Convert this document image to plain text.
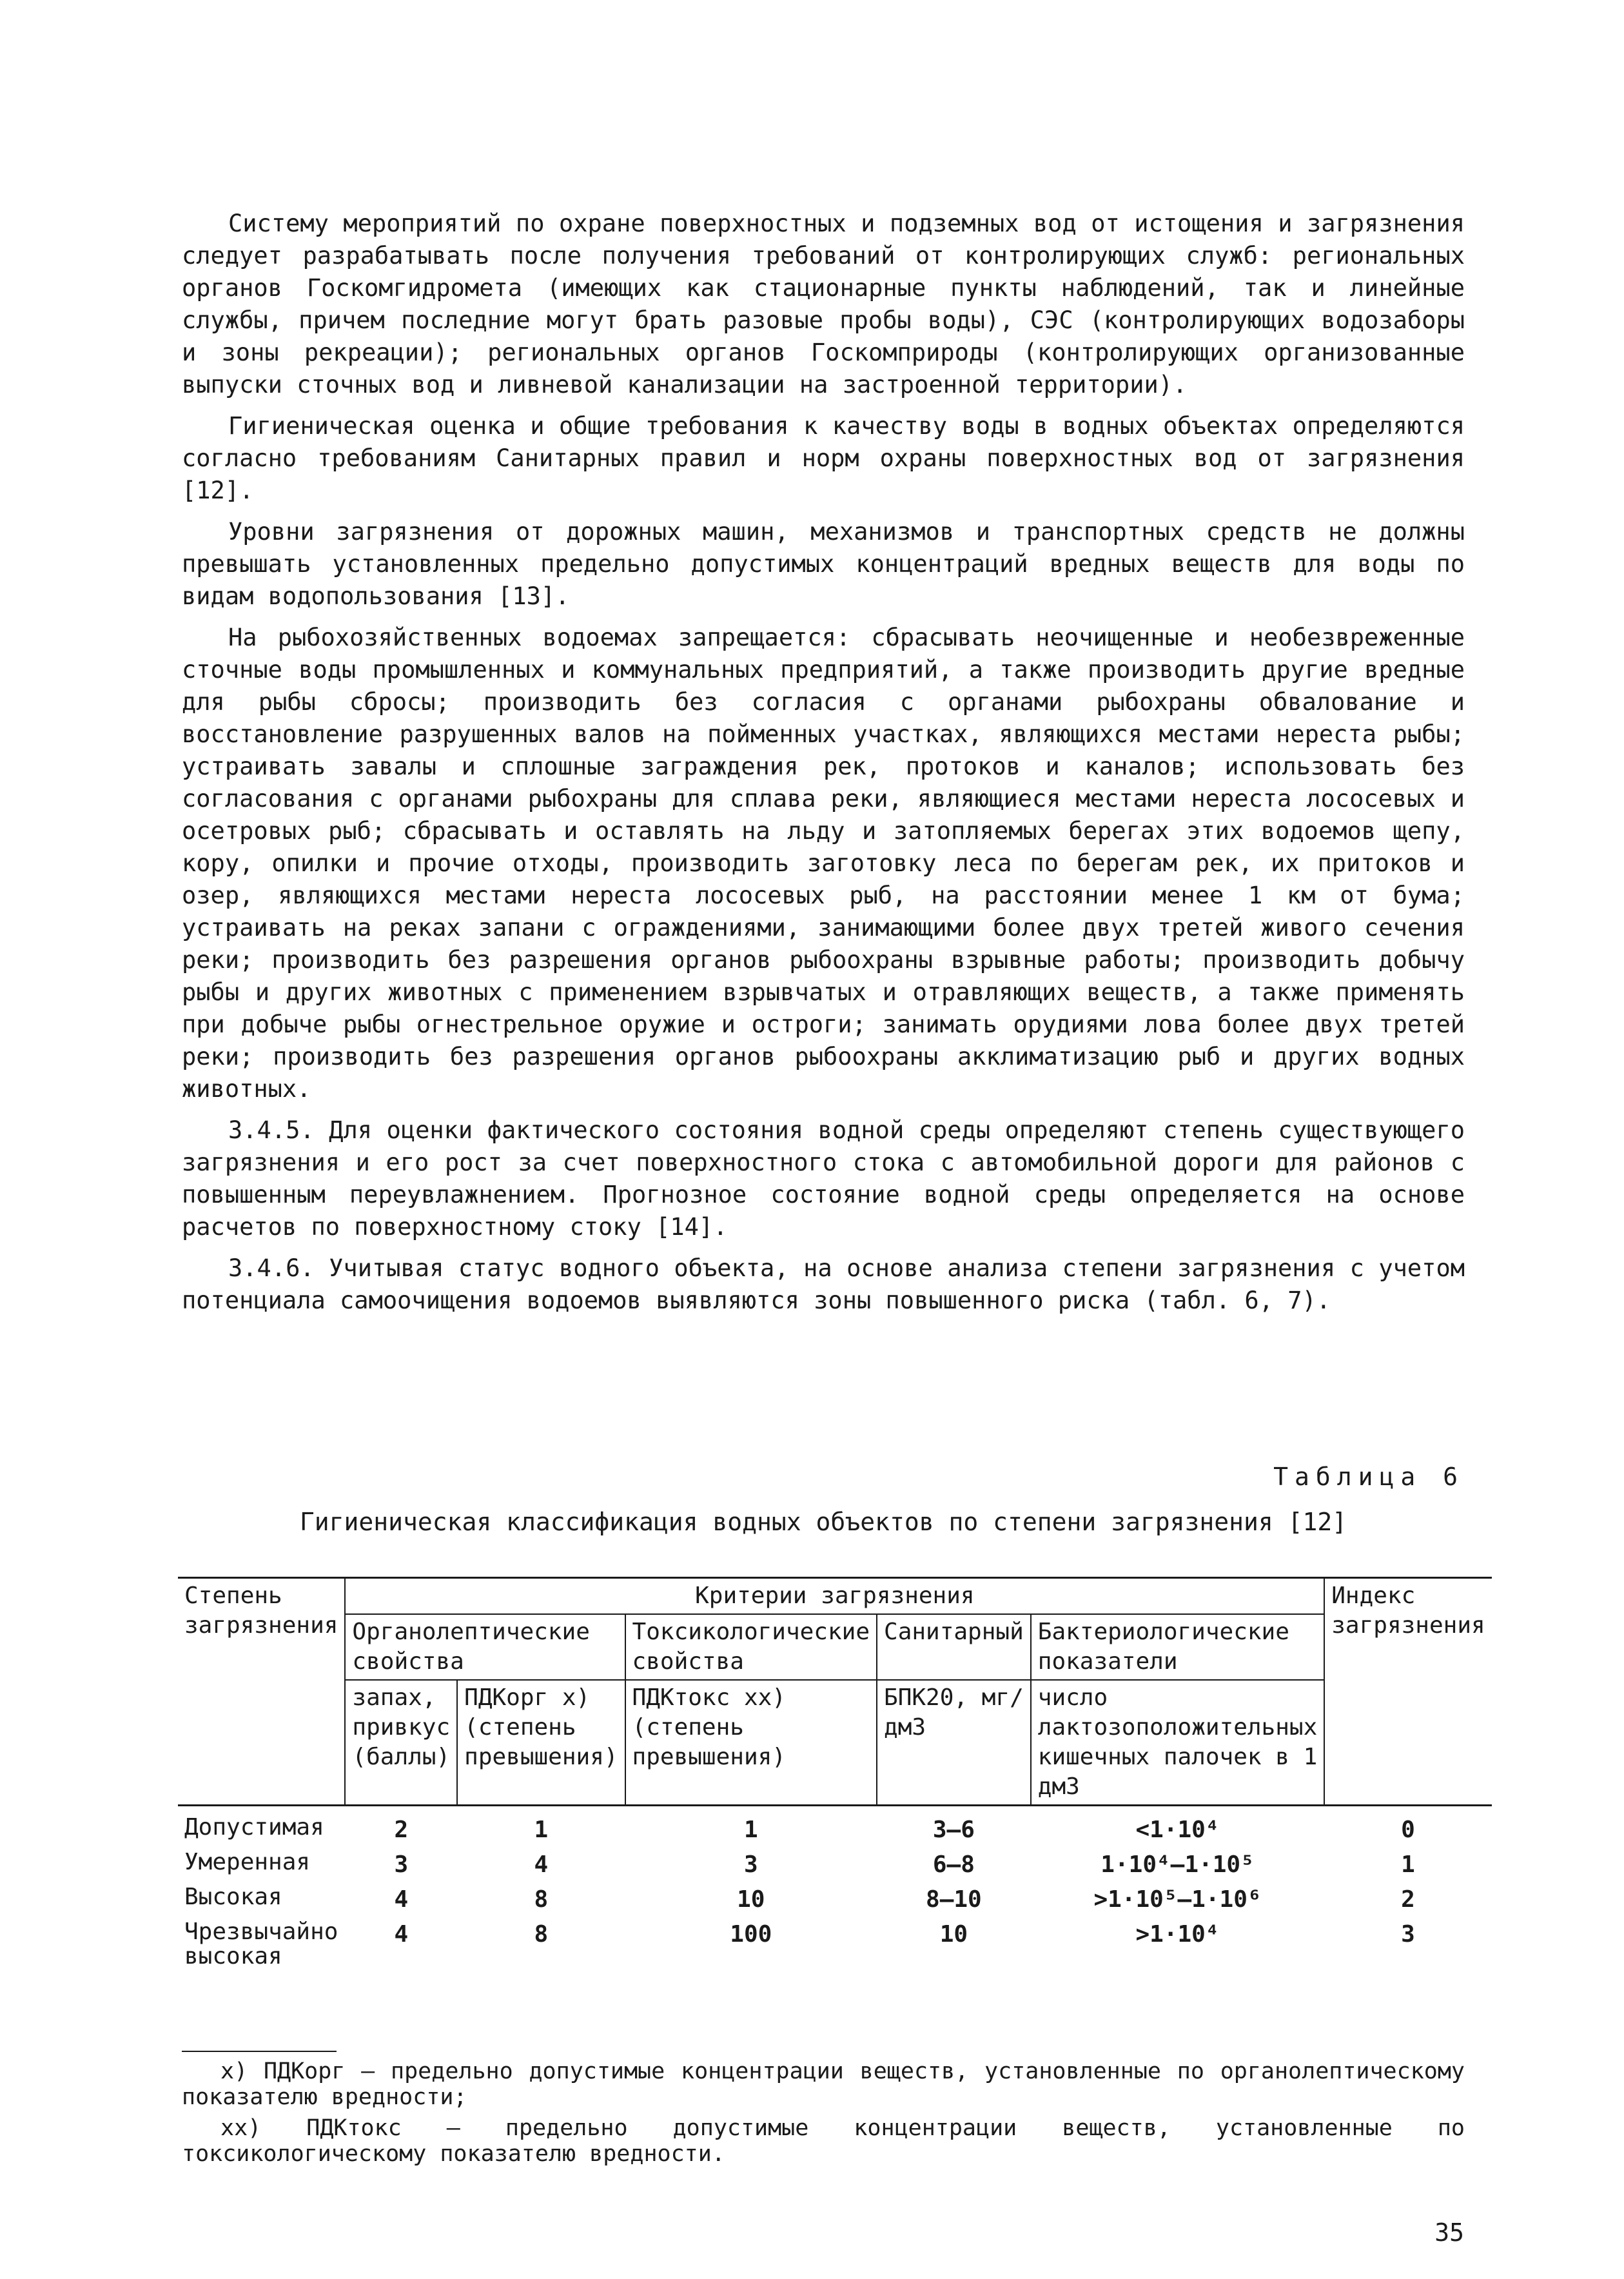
Систему мероприятий по охране поверхностных и подземных вод от истощения и загрязнения следует разрабатывать после получения требований от контролирующих служб: региональных органов Госкомгидромета (имеющих как стационарные пункты наблюдений, так и линейные службы, причем последние могут брать разовые пробы воды), СЭС (контролирующих водозаборы и зоны рекреации); региональных органов Госкомприроды (контролирующих организованные выпуски сточных вод и ливневой канализации на застроенной территории).

Гигиеническая оценка и общие требования к качеству воды в водных объектах определяются согласно требованиям Санитарных правил и норм охраны поверхностных вод от загрязнения [12].

Уровни загрязнения от дорожных машин, механизмов и транспортных средств не должны превышать установленных предельно допустимых концентраций вредных веществ для воды по видам водопользования [13].

На рыбохозяйственных водоемах запрещается: сбрасывать неочищенные и необезвреженные сточные воды промышленных и коммунальных предприятий, а также производить другие вредные для рыбы сбросы; производить без согласия с органами рыбохраны обвалование и восстановление разрушенных валов на пойменных участках, являющихся местами нереста рыбы; устраивать завалы и сплошные заграждения рек, протоков и каналов; использовать без согласования с органами рыбохраны для сплава реки, являющиеся местами нереста лососевых и осетровых рыб; сбрасывать и оставлять на льду и затопляемых берегах этих водоемов щепу, кору, опилки и прочие отходы, производить заготовку леса по берегам рек, их притоков и озер, являющихся местами нереста лососевых рыб, на расстоянии менее 1 км от бума; устраивать на реках запани с ограждениями, занимающими более двух третей живого сечения реки; производить без разрешения органов рыбоохраны взрывные работы; производить добычу рыбы и других животных с применением взрывчатых и отравляющих веществ, а также применять при добыче рыбы огнестрельное оружие и остроги; занимать орудиями лова более двух третей реки; производить без разрешения органов рыбоохраны акклиматизацию рыб и других водных животных.

3.4.5. Для оценки фактического состояния водной среды определяют степень существующего загрязнения и его рост за счет поверхностного стока с автомобильной дороги для районов с повышенным переувлажнением. Прогнозное состояние водной среды определяется на основе расчетов по поверхностному стоку [14].

3.4.6. Учитывая статус водного объекта, на основе анализа степени загрязнения с учетом потенциала самоочищения водоемов выявляются зоны повышенного риска (табл. 6, 7).

Таблица 6
Гигиеническая классификация водных объектов по степени загрязнения [12]
Степень загрязнения	Критерии загрязнения					Индекс загрязнения
	Органолептические свойства		Токсикологические свойства	Санитарный	Бактериологические показатели	
	запах, привкус (баллы)	ПДКорг x) (степень превышения)	ПДКтокс xx) (степень превышения)	БПК20, мг/дм3	число лактозоположительных кишечных палочек в 1 дм3	
Допустимая	2	1	1	3–6	<1·10⁴	0
Умеренная	3	4	3	6–8	1·10⁴–1·10⁵	1
Высокая	4	8	10	8–10	>1·10⁵–1·10⁶	2
Чрезвычайно высокая	4	8	100	10	>1·10⁴	3

x) ПДКорг – предельно допустимые концентрации веществ, установленные по органолептическому показателю вредности;

xx) ПДКтокс – предельно допустимые концентрации веществ, установленные по токсикологическому показателю вредности.

35
